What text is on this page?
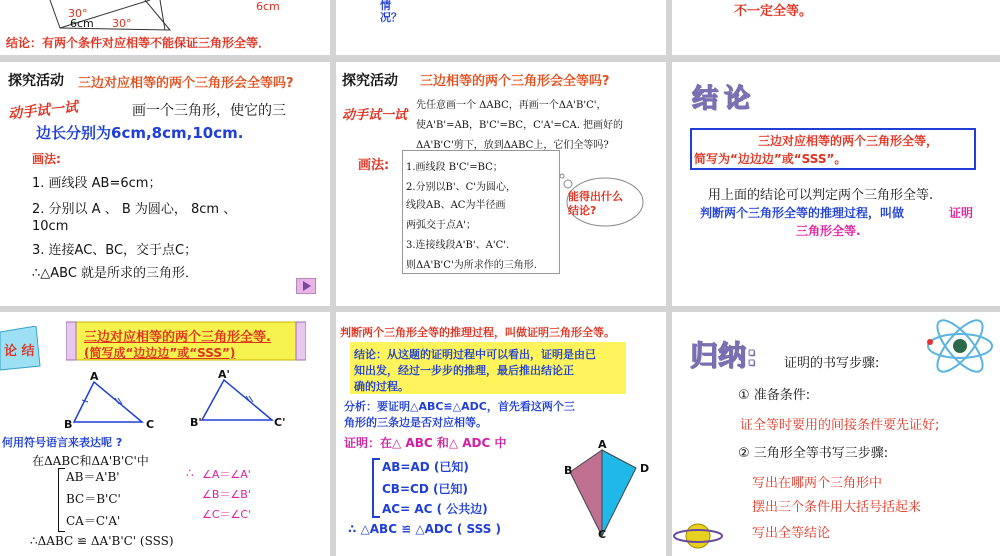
30°
6cm 30°
6cm
结论：有两个条件对应相等不能保证三角形全等．
情况？	不一定全等。
探究活动 三边对应相等的两个三角形会全等吗?
动手试一试	画一个三角形，使它的三
边长分别为6cm,8cm,10cm.
画法:
1. 画线段 AB=6cm；
2. 分别以 A 、 B 为圆心， 8cm 、
10cm
3. 连接AC、BC，交于点C；
∴△ABC 就是所求的三角形．
探究活动 三边相等的两个三角形会全等吗?
动手试一试
先任意画一个 ΔABC，再画一个ΔA'B'C'，
使A'B'=AB，B'C'=BC，C'A'=CA. 把画好的
ΔA'B'C'剪下，放到ΔABC上，它们全等吗?
画法: 1.画线段 B'C'=BC；
2.分别以B'、C'为圆心，
线段AB、AC为半径画
两弧交于点A'；
3.连接线段A'B'、A'C'.
则ΔA'B'C'为所求作的三角形.
能得出什么结论?
结论
三边对应相等的两个三角形全等，
简写为“边边边”或“SSS”。
用上面的结论可以判定两个三角形全等.
判断两个三角形全等的推理过程，叫做	证明
三角形全等.
论 结
三边对应相等的两个三角形全等.
(简写成“边边边”或“SSS”)
A
B	C
A'
B'	C'
何用符号语言来表达呢 ?
在ΔABC和ΔA'B'C'中
AB＝A'B'
BC＝B'C'
CA＝C'A'
∴ ∠A＝∠A'
∠B＝∠B'
∠C＝∠C'
∴ΔABC ≌ ΔA'B'C' (SSS)
判断两个三角形全等的推理过程，叫做证明三角形全等。
结论：从这题的证明过程中可以看出，证明是由已
知出发，经过一步步的推理，最后推出结论正
确的过程。
分析：要证明△ABC≌△ADC，首先看这两个三
角形的三条边是否对应相等。
证明：在△ ABC 和△ ADC 中
AB=AD (已知)
CB=CD (已知)
AC= AC ( 公共边)
∴ △ABC ≌ △ADC ( SSS )
A
B
C
D
归纳: 证明的书写步骤:
① 准备条件:
证全等时要用的间接条件要先证好;
② 三角形全等书写三步骤:
写出在哪两个三角形中
摆出三个条件用大括号括起来
写出全等结论
